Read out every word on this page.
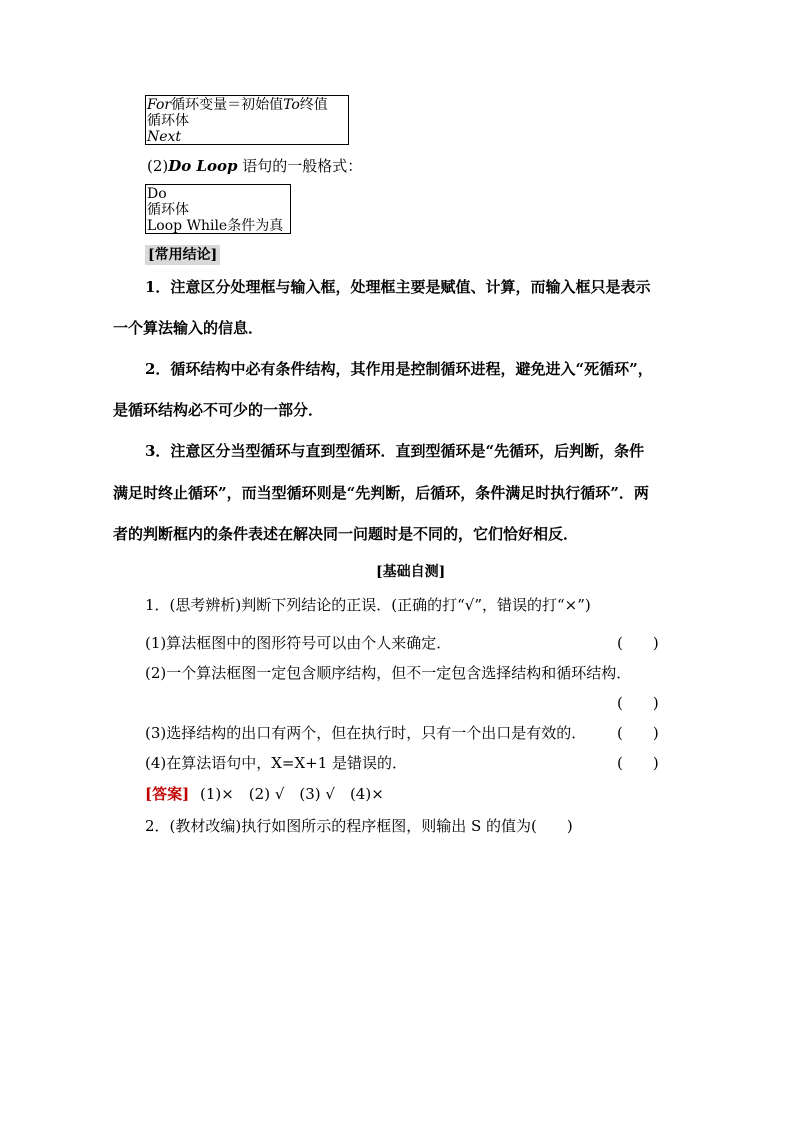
For循环变量＝初始值To终值
循环体
Next
(2)Do Loop 语句的一般格式：
Do
循环体
Loop While条件为真
[常用结论]
1．注意区分处理框与输入框，处理框主要是赋值、计算，而输入框只是表示
一个算法输入的信息．
2．循环结构中必有条件结构，其作用是控制循环进程，避免进入“死循环”，
是循环结构必不可少的一部分．
3．注意区分当型循环与直到型循环．直到型循环是“先循环，后判断，条件
满足时终止循环”，而当型循环则是“先判断，后循环，条件满足时执行循环”．两
者的判断框内的条件表述在解决同一问题时是不同的，它们恰好相反．
[基础自测]
1．(思考辨析)判断下列结论的正误．(正确的打“√”，错误的打“×”)
(1)算法框图中的图形符号可以由个人来确定．	(　　)
(2)一个算法框图一定包含顺序结构，但不一定包含选择结构和循环结构．
(　　)
(3)选择结构的出口有两个，但在执行时，只有一个出口是有效的． (　　)
(4)在算法语句中，X=X+1 是错误的．	(　　)
[答案] (1)×　(2) √　(3) √　(4)×
2．(教材改编)执行如图所示的程序框图，则输出 S 的值为(　　)
